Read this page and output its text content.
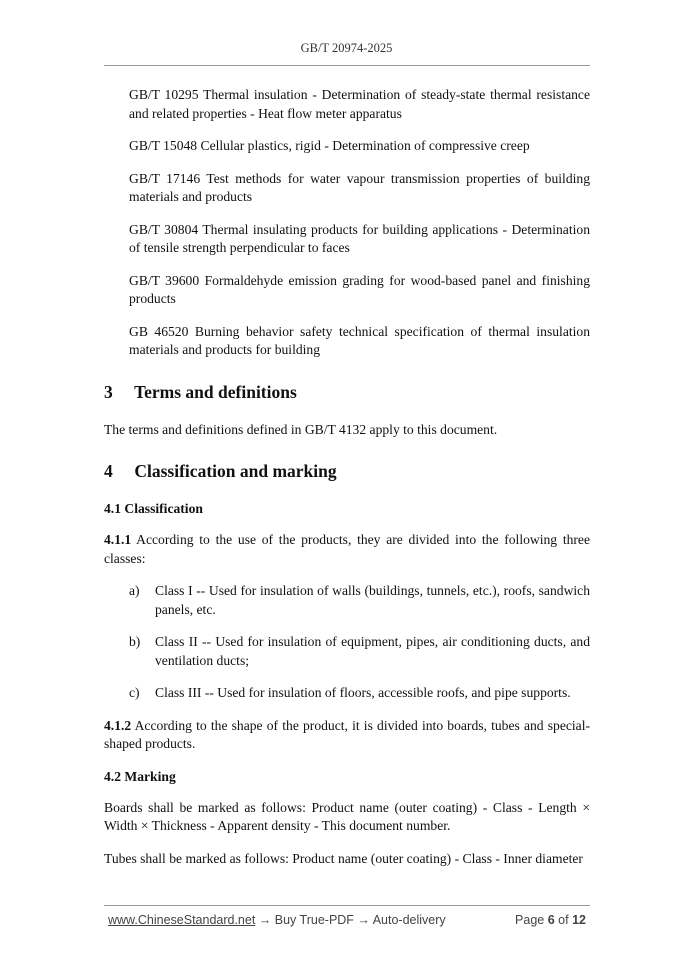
GB/T 20974-2025

GB/T 10295 Thermal insulation - Determination of steady-state thermal resistance and related properties - Heat flow meter apparatus

GB/T 15048 Cellular plastics, rigid - Determination of compressive creep

GB/T 17146 Test methods for water vapour transmission properties of building materials and products

GB/T 30804 Thermal insulating products for building applications - Determination of tensile strength perpendicular to faces

GB/T 39600 Formaldehyde emission grading for wood-based panel and finishing products

GB 46520 Burning behavior safety technical specification of thermal insulation materials and products for building

3 Terms and definitions

The terms and definitions defined in GB/T 4132 apply to this document.

4 Classification and marking
4.1 Classification

4.1.1 According to the use of the products, they are divided into the following three classes:

a)	Class I -- Used for insulation of walls (buildings, tunnels, etc.), roofs, sandwich panels, etc.
b)	Class II -- Used for insulation of equipment, pipes, air conditioning ducts, and ventilation ducts;
c)	Class III -- Used for insulation of floors, accessible roofs, and pipe supports.

4.1.2 According to the shape of the product, it is divided into boards, tubes and special-shaped products.

4.2 Marking

Boards shall be marked as follows: Product name (outer coating) - Class - Length × Width × Thickness - Apparent density - This document number.

Tubes shall be marked as follows: Product name (outer coating) - Class - Inner diameter

www.ChineseStandard.net → Buy True-PDF → Auto-delivery	Page 6 of 12
